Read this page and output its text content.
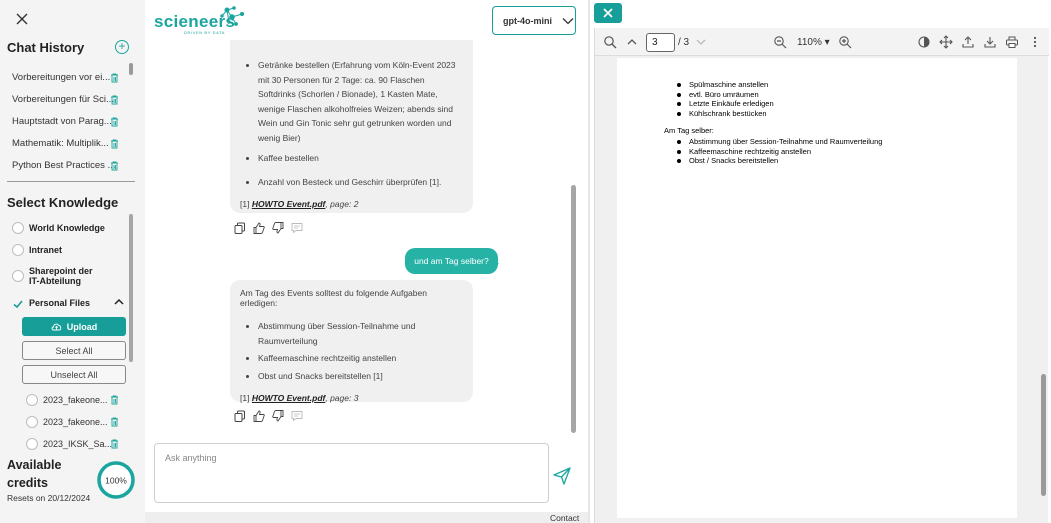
Chat History	+
Vorbereitungen vor ei...
Vorbereitungen für Sci...
Hauptstadt von Parag...
Mathematik: Multiplik...
Python Best Practices ...
Select Knowledge
World Knowledge
Intranet
Sharepoint der IT-Abteilung
Personal Files
Upload
Select All
Unselect All
2023_fakeone...
2023_fakeone...
2023_IKSK_Sa...
Available credits
Resets on 20/12/2024
100%
scieneers
DRIVEN BY DATA
gpt-4o-mini
• Getränke bestellen (Erfahrung vom Köln-Event 2023 mit 30 Personen für 2 Tage: ca. 90 Flaschen Softdrinks (Schorlen / Bionade), 1 Kasten Mate, wenige Flaschen alkoholfreies Weizen; abends sind Wein und Gin Tonic sehr gut getrunken worden und wenig Bier)
• Kaffee bestellen
• Anzahl von Besteck und Geschirr überprüfen [1].
[1] HOWTO Event.pdf, page: 2
und am Tag selber?
Am Tag des Events solltest du folgende Aufgaben erledigen:
• Abstimmung über Session-Teilnahme und Raumverteilung
• Kaffeemaschine rechtzeitig anstellen
• Obst und Snacks bereitstellen [1]
[1] HOWTO Event.pdf, page: 3
Ask anything
Contact
3	/ 3	110% ▾
Spülmaschine anstellen
evtl. Büro umräumen
Letzte Einkäufe erledigen
Kühlschrank bestücken
Am Tag selber:
Abstimmung über Session-Teilnahme und Raumverteilung
Kaffeemaschine rechtzeitig anstellen
Obst / Snacks bereitstellen
